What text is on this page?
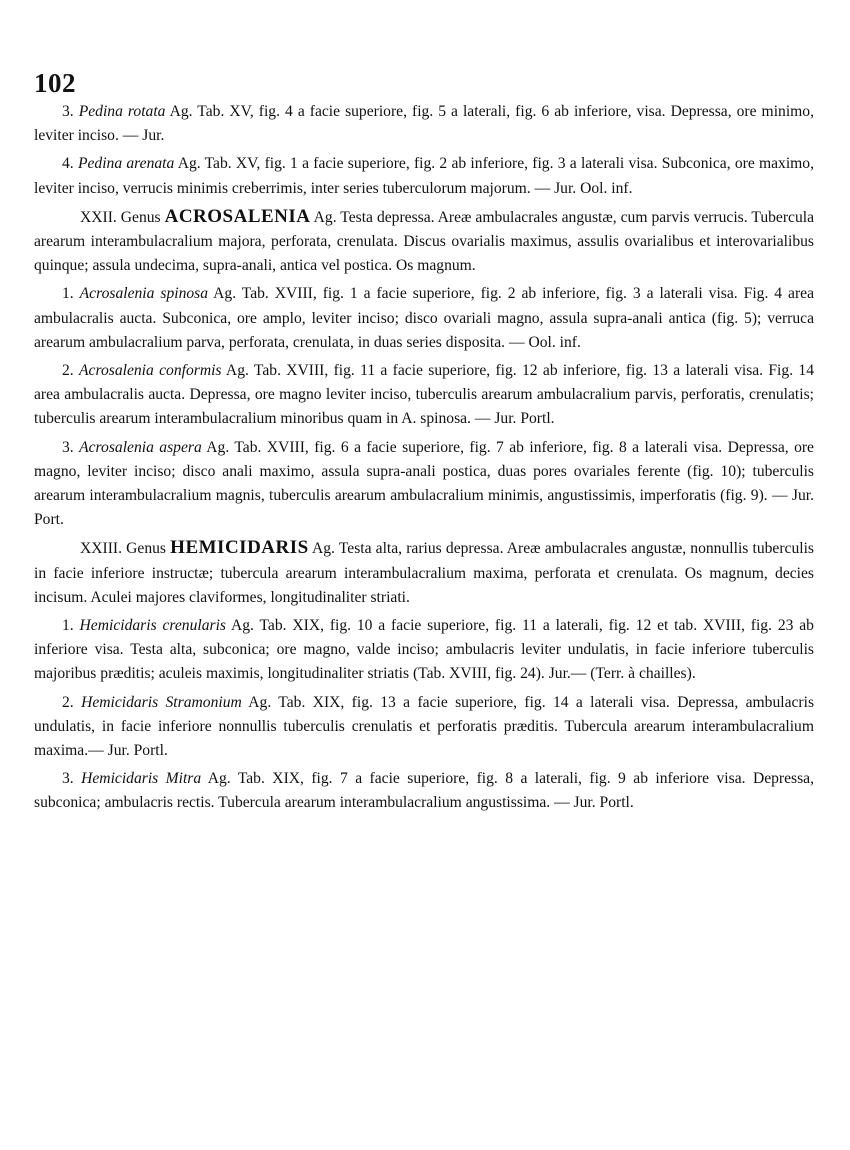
102

3. Pedina rotata Ag. Tab. XV, fig. 4 a facie superiore, fig. 5 a laterali, fig. 6 ab inferiore, visa. Depressa, ore minimo, leviter inciso. — Jur.

4. Pedina arenata Ag. Tab. XV, fig. 1 a facie superiore, fig. 2 ab inferiore, fig. 3 a laterali visa. Subconica, ore maximo, leviter inciso, verrucis minimis creberrimis, inter series tuberculorum majorum. — Jur. Ool. inf.

XXII. Genus ACROSALENIA Ag. Testa depressa. Areæ ambulacrales angustæ, cum parvis verrucis. Tubercula arearum interambulacralium majora, perforata, crenulata. Discus ovarialis maximus, assulis ovarialibus et interovarialibus quinque; assula undecima, supra-anali, antica vel postica. Os magnum.

1. Acrosalenia spinosa Ag. Tab. XVIII, fig. 1 a facie superiore, fig. 2 ab inferiore, fig. 3 a laterali visa. Fig. 4 area ambulacralis aucta. Subconica, ore amplo, leviter inciso; disco ovariali magno, assula supra-anali antica (fig. 5); verruca arearum ambulacralium parva, perforata, crenulata, in duas series disposita. — Ool. inf.

2. Acrosalenia conformis Ag. Tab. XVIII, fig. 11 a facie superiore, fig. 12 ab inferiore, fig. 13 a laterali visa. Fig. 14 area ambulacralis aucta. Depressa, ore magno leviter inciso, tuberculis arearum ambulacralium parvis, perforatis, crenulatis; tuberculis arearum interambulacralium minoribus quam in A. spinosa. — Jur. Portl.

3. Acrosalenia aspera Ag. Tab. XVIII, fig. 6 a facie superiore, fig. 7 ab inferiore, fig. 8 a laterali visa. Depressa, ore magno, leviter inciso; disco anali maximo, assula supra-anali postica, duas pores ovariales ferente (fig. 10); tuberculis arearum interambulacralium magnis, tuberculis arearum ambulacralium minimis, angustissimis, imperforatis (fig. 9). — Jur. Port.

XXIII. Genus HEMICIDARIS Ag. Testa alta, rarius depressa. Areæ ambulacrales angustæ, nonnullis tuberculis in facie inferiore instructæ; tubercula arearum interambulacralium maxima, perforata et crenulata. Os magnum, decies incisum. Aculei majores claviformes, longitudinaliter striati.

1. Hemicidaris crenularis Ag. Tab. XIX, fig. 10 a facie superiore, fig. 11 a laterali, fig. 12 et tab. XVIII, fig. 23 ab inferiore visa. Testa alta, subconica; ore magno, valde inciso; ambulacris leviter undulatis, in facie inferiore tuberculis majoribus præditis; aculeis maximis, longitudinaliter striatis (Tab. XVIII, fig. 24). Jur.— (Terr. à chailles).

2. Hemicidaris Stramonium Ag. Tab. XIX, fig. 13 a facie superiore, fig. 14 a laterali visa. Depressa, ambulacris undulatis, in facie inferiore nonnullis tuberculis crenulatis et perforatis præditis. Tubercula arearum interambulacralium maxima.— Jur. Portl.

3. Hemicidaris Mitra Ag. Tab. XIX, fig. 7 a facie superiore, fig. 8 a laterali, fig. 9 ab inferiore visa. Depressa, subconica; ambulacris rectis. Tubercula arearum interambulacralium angustissima. — Jur. Portl.
